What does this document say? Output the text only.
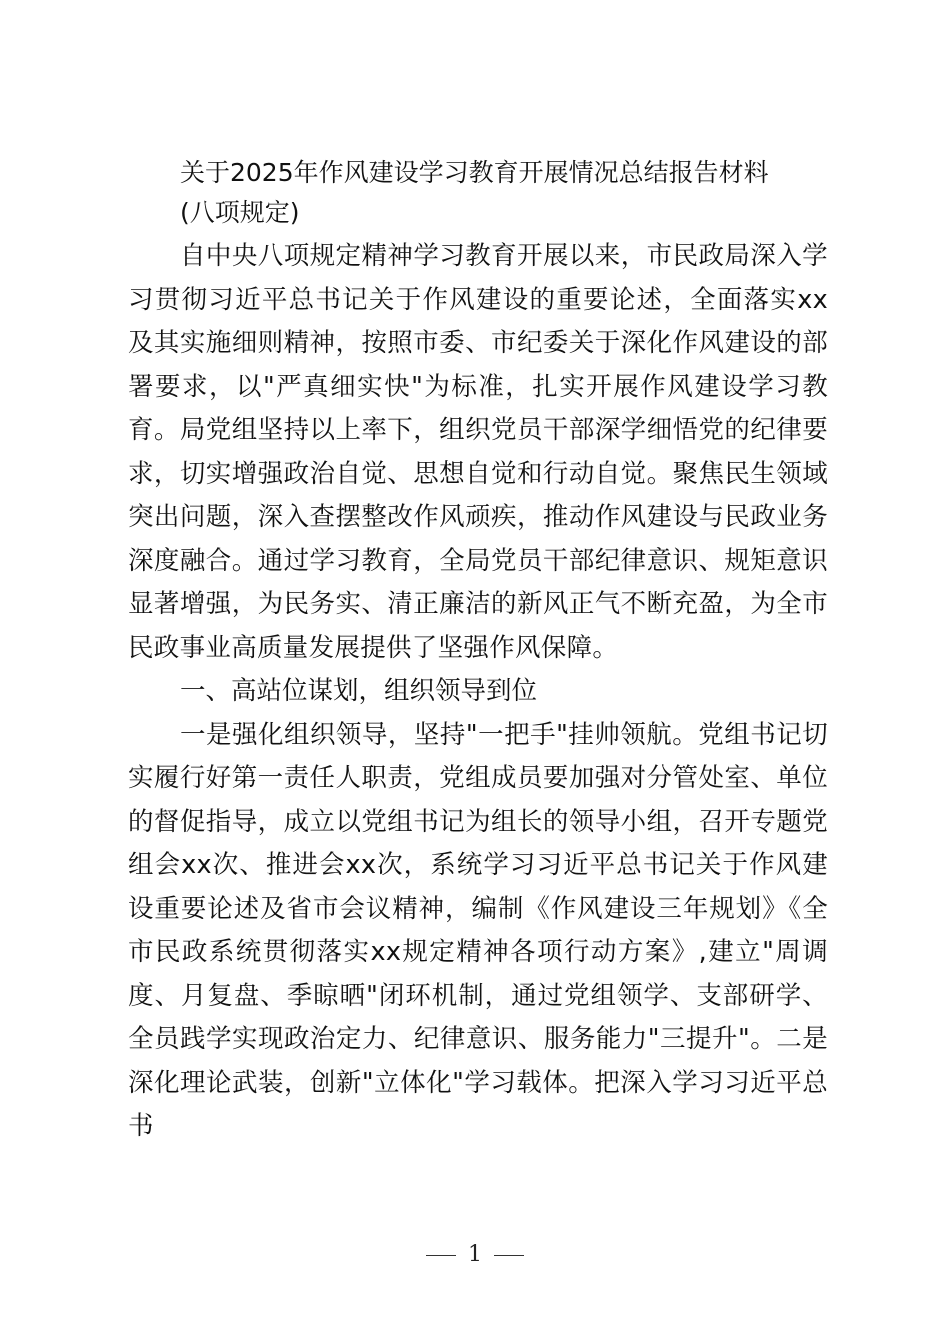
关于2025年作风建设学习教育开展情况总结报告材料

(八项规定)

自中央八项规定精神学习教育开展以来，市民政局深入学习贯彻习近平总书记关于作风建设的重要论述，全面落实xx及其实施细则精神，按照市委、市纪委关于深化作风建设的部署要求，以"严真细实快"为标准，扎实开展作风建设学习教育。局党组坚持以上率下，组织党员干部深学细悟党的纪律要求，切实增强政治自觉、思想自觉和行动自觉。聚焦民生领域突出问题，深入查摆整改作风顽疾，推动作风建设与民政业务深度融合。通过学习教育，全局党员干部纪律意识、规矩意识显著增强，为民务实、清正廉洁的新风正气不断充盈，为全市民政事业高质量发展提供了坚强作风保障。

一、高站位谋划，组织领导到位

一是强化组织领导，坚持"一把手"挂帅领航。党组书记切实履行好第一责任人职责，党组成员要加强对分管处室、单位的督促指导，成立以党组书记为组长的领导小组，召开专题党组会xx次、推进会xx次，系统学习习近平总书记关于作风建设重要论述及省市会议精神，编制《作风建设三年规划》《全市民政系统贯彻落实xx规定精神各项行动方案》,建立"周调度、月复盘、季晾晒"闭环机制，通过党组领学、支部研学、全员践学实现政治定力、纪律意识、服务能力"三提升"。二是深化理论武装，创新"立体化"学习载体。把深入学习习近平总书

1
